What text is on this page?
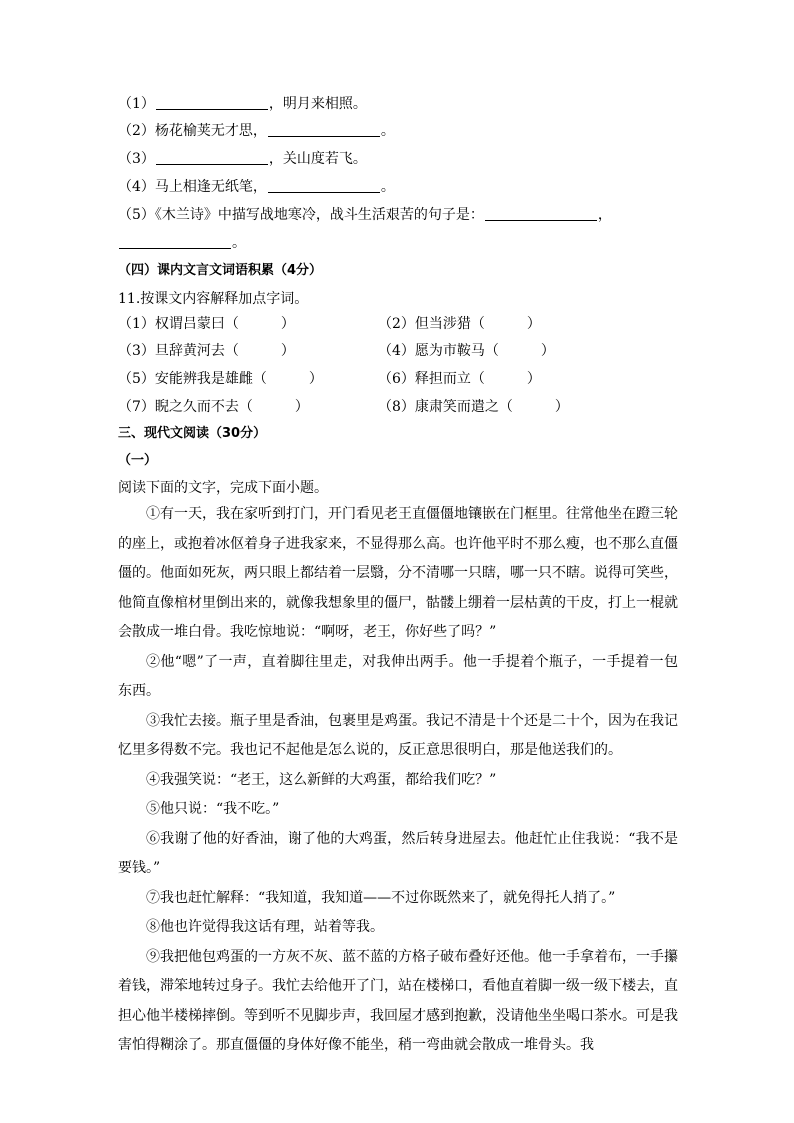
（1）	，明月来相照。
（2）杨花榆荚无才思，	。
（3）	，关山度若飞。
（4）马上相逢无纸笔，	。
（5）《木兰诗》中描写战地寒冷，战斗生活艰苦的句子是：	，
。
（四）课内文言文词语积累（4分）
11.按课文内容解释加点字词。
（1）权谓吕蒙曰（　　　）	（2）但当涉猎（　　　）
（3）旦辞黄河去（　　　）	（4）愿为市鞍马（　　　）
（5）安能辨我是雄雌（　　　）	（6）释担而立（　　　）
（7）睨之久而不去（　　　）	（8）康肃笑而遣之（　　　）
三、现代文阅读（30分）
（一）
阅读下面的文字，完成下面小题。

①有一天，我在家听到打门，开门看见老王直僵僵地镶嵌在门框里。往常他坐在蹬三轮的座上，或抱着冰伛着身子进我家来，不显得那么高。也许他平时不那么瘦，也不那么直僵僵的。他面如死灰，两只眼上都结着一层翳，分不清哪一只瞎，哪一只不瞎。说得可笑些，他简直像棺材里倒出来的，就像我想象里的僵尸，骷髅上绷着一层枯黄的干皮，打上一棍就会散成一堆白骨。我吃惊地说：“啊呀，老王，你好些了吗？”

②他“嗯”了一声，直着脚往里走，对我伸出两手。他一手提着个瓶子，一手提着一包东西。

③我忙去接。瓶子里是香油，包裹里是鸡蛋。我记不清是十个还是二十个，因为在我记忆里多得数不完。我也记不起他是怎么说的，反正意思很明白，那是他送我们的。

④我强笑说：“老王，这么新鲜的大鸡蛋，都给我们吃？”

⑤他只说：“我不吃。”

⑥我谢了他的好香油，谢了他的大鸡蛋，然后转身进屋去。他赶忙止住我说：“我不是要钱。”

⑦我也赶忙解释：“我知道，我知道——不过你既然来了，就免得托人捎了。”

⑧他也许觉得我这话有理，站着等我。

⑨我把他包鸡蛋的一方灰不灰、蓝不蓝的方格子破布叠好还他。他一手拿着布，一手攥着钱，滞笨地转过身子。我忙去给他开了门，站在楼梯口，看他直着脚一级一级下楼去，直担心他半楼梯摔倒。等到听不见脚步声，我回屋才感到抱歉，没请他坐坐喝口茶水。可是我害怕得糊涂了。那直僵僵的身体好像不能坐，稍一弯曲就会散成一堆骨头。我
